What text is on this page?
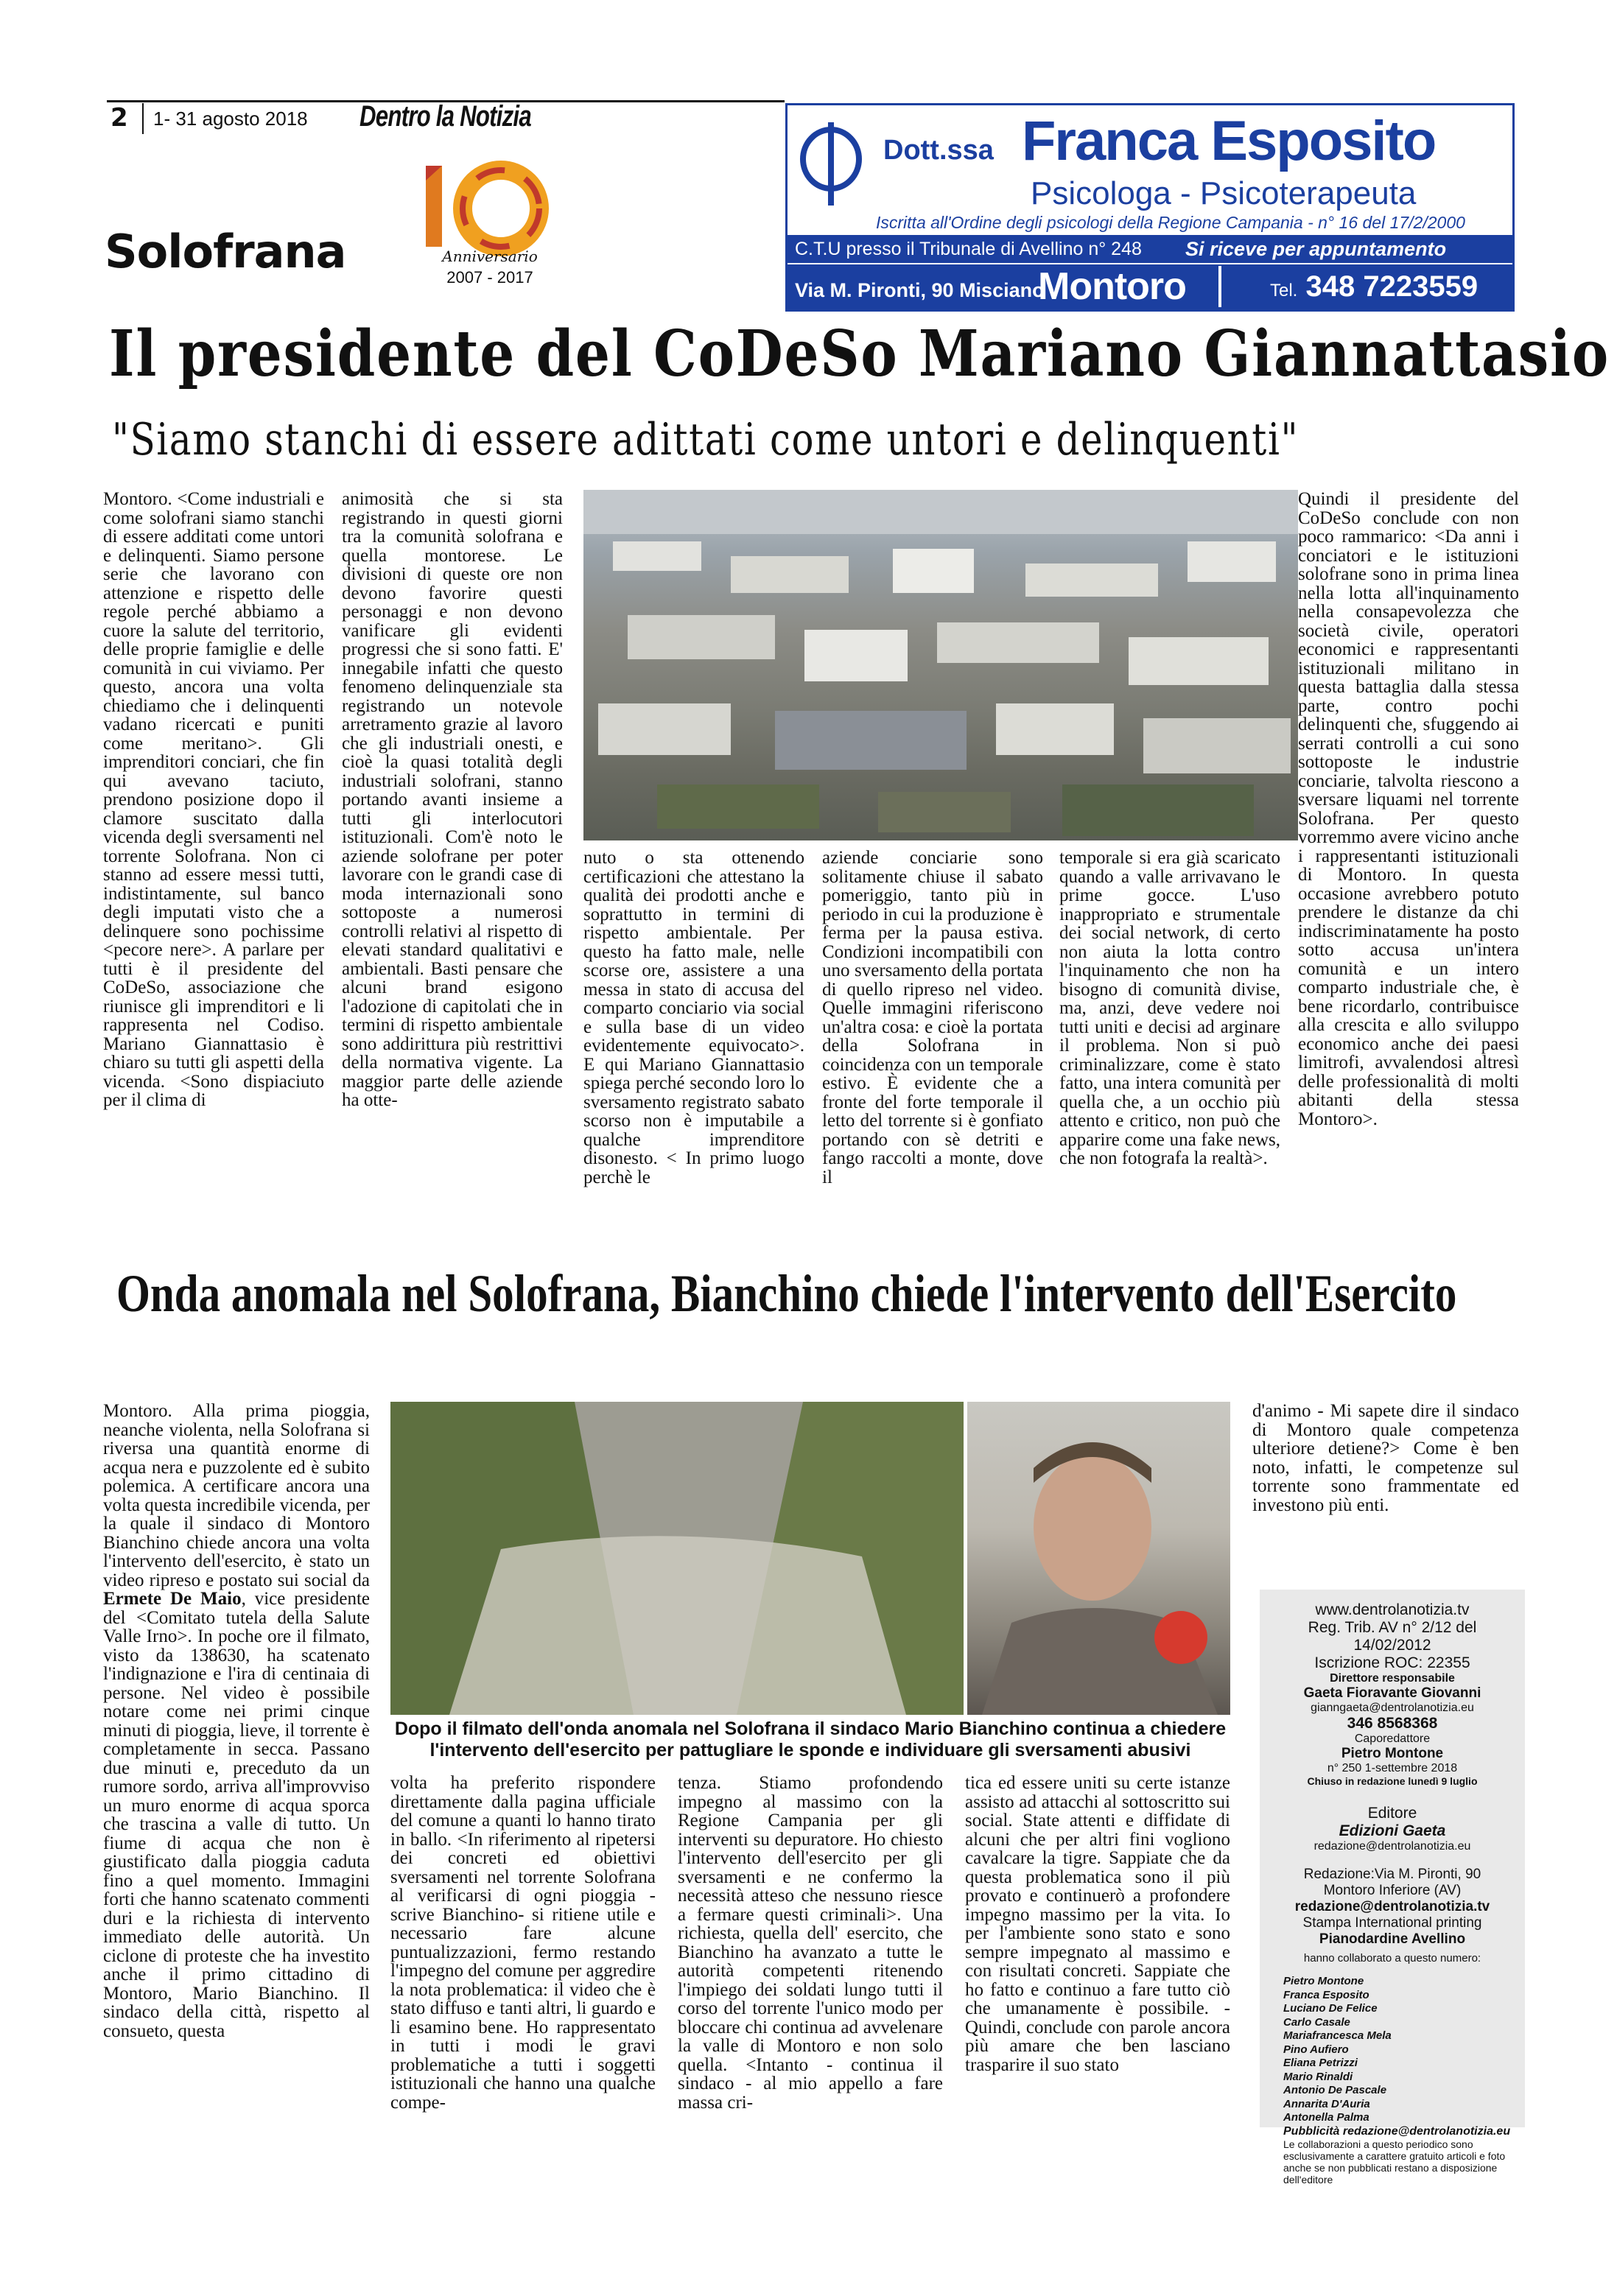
2 1- 31 agosto 2018 Dentro la Notizia
Solofrana	Anniversario
2007 - 2017
Dott.ssa Franca Esposito
Psicologa - Psicoterapeuta
Iscritta all'Ordine degli psicologi della Regione Campania - n° 16 del 17/2/2000
C.T.U presso il Tribunale di Avellino n° 248 Si riceve per appuntamento
Via M. Pironti, 90 Misciano
Montoro	Tel. 348 7223559
Il presidente del CoDeSo Mariano Giannattasio
"Siamo stanchi di essere adittati come untori e delinquenti"

Montoro. <Come industriali e come solofrani siamo stanchi di essere additati come untori e delinquenti. Siamo persone serie che lavorano con attenzione e rispetto delle regole perché abbiamo a cuore la salute del territorio, delle proprie famiglie e delle comunità in cui viviamo. Per questo, ancora una volta chiediamo che i delinquenti vadano ricercati e puniti come meritano>. Gli imprenditori conciari, che fin qui avevano taciuto, prendono posizione dopo il clamore suscitato dalla vicenda degli sversamenti nel torrente Solofrana. Non ci stanno ad essere messi tutti, indistintamente, sul banco degli imputati visto che a delinquere sono pochissime <pecore nere>. A parlare per tutti è il presidente del CoDeSo, associazione che riunisce gli imprenditori e li rappresenta nel Codiso. Mariano Giannattasio è chiaro su tutti gli aspetti della vicenda. <Sono dispiaciuto per il clima di

animosità che si sta registrando in questi giorni tra la comunità solofrana e quella montorese. Le divisioni di queste ore non devono favorire questi personaggi e non devono vanificare gli evidenti progressi che si sono fatti. E' innegabile infatti che questo fenomeno delinquenziale sta registrando un notevole arretramento grazie al lavoro che gli industriali onesti, e cioè la quasi totalità degli industriali solofrani, stanno portando avanti insieme a tutti gli interlocutori istituzionali. Com'è noto le aziende solofrane per poter lavorare con le grandi case di moda internazionali sono sottoposte a numerosi controlli relativi al rispetto di elevati standard qualitativi e ambientali. Basti pensare che alcuni brand esigono l'adozione di capitolati che in termini di rispetto ambientale sono addirittura più restrittivi della normativa vigente. La maggior parte delle aziende ha otte-

nuto o sta ottenendo certificazioni che attestano la qualità dei prodotti anche e soprattutto in termini di rispetto ambientale. Per questo ha fatto male, nelle scorse ore, assistere a una messa in stato di accusa del comparto conciario via social e sulla base di un video evidentemente equivocato>. E qui Mariano Giannattasio spiega perché secondo loro lo sversamento registrato sabato scorso non è imputabile a qualche imprenditore disonesto. < In primo luogo perchè le

aziende conciarie sono solitamente chiuse il sabato pomeriggio, tanto più in periodo in cui la produzione è ferma per la pausa estiva. Condizioni incompatibili con uno sversamento della portata di quello ripreso nel video. Quelle immagini riferiscono un'altra cosa: e cioè la portata della Solofrana in coincidenza con un temporale estivo. È evidente che a fronte del forte temporale il letto del torrente si è gonfiato portando con sè detriti e fango raccolti a monte, dove il

temporale si era già scaricato quando a valle arrivavano le prime gocce. L'uso inappropriato e strumentale dei social network, di certo non aiuta la lotta contro l'inquinamento che non ha bisogno di comunità divise, ma, anzi, deve vedere noi tutti uniti e decisi ad arginare il problema. Non si può criminalizzare, come è stato fatto, una intera comunità per quella che, a un occhio più attento e critico, non può che apparire come una fake news, che non fotografa la realtà>.

Quindi il presidente del CoDeSo conclude con non poco rammarico: <Da anni i conciatori e le istituzioni solofrane sono in prima linea nella lotta all'inquinamento nella consapevolezza che società civile, operatori economici e rappresentanti istituzionali militano in questa battaglia dalla stessa parte, contro pochi delinquenti che, sfuggendo ai serrati controlli a cui sono sottoposte le industrie conciarie, talvolta riescono a sversare liquami nel torrente Solofrana. Per questo vorremmo avere vicino anche i rappresentanti istituzionali di Montoro. In questa occasione avrebbero potuto prendere le distanze da chi indiscriminatamente ha posto sotto accusa un'intera comunità e un intero comparto industriale che, è bene ricordarlo, contribuisce alla crescita e allo sviluppo economico anche dei paesi limitrofi, avvalendosi altresì delle professionalità di molti abitanti della stessa Montoro>.

Onda anomala nel Solofrana, Bianchino chiede l'intervento dell'Esercito

Montoro. Alla prima pioggia, neanche violenta, nella Solofrana si riversa una quantità enorme di acqua nera e puzzolente ed è subito polemica. A certificare ancora una volta questa incredibile vicenda, per la quale il sindaco di Montoro Bianchino chiede ancora una volta l'intervento dell'esercito, è stato un video ripreso e postato sui social da Ermete De Maio, vice presidente del <Comitato tutela della Salute Valle Irno>. In poche ore il filmato, visto da 138630, ha scatenato l'indignazione e l'ira di centinaia di persone. Nel video è possibile notare come nei primi cinque minuti di pioggia, lieve, il torrente è completamente in secca. Passano due minuti e, preceduto da un rumore sordo, arriva all'improvviso un muro enorme di acqua sporca che trascina a valle di tutto. Un fiume di acqua che non è giustificato dalla pioggia caduta fino a quel momento. Immagini forti che hanno scatenato commenti duri e la richiesta di intervento immediato delle autorità. Un ciclone di proteste che ha investito anche il primo cittadino di Montoro, Mario Bianchino. Il sindaco della città, rispetto al consueto, questa

Dopo il filmato dell'onda anomala nel Solofrana il sindaco Mario Bianchino continua a chiedere l'intervento dell'esercito per pattugliare le sponde e individuare gli sversamenti abusivi

volta ha preferito rispondere direttamente dalla pagina ufficiale del comune a quanti lo hanno tirato in ballo. <In riferimento al ripetersi dei concreti ed obiettivi sversamenti nel torrente Solofrana al verificarsi di ogni pioggia - scrive Bianchino- si ritiene utile e necessario fare alcune puntualizzazioni, fermo restando l'impegno del comune per aggredire la nota problematica: il video che è stato diffuso e tanti altri, li guardo e li esamino bene. Ho rappresentato in tutti i modi le gravi problematiche a tutti i soggetti istituzionali che hanno una qualche compe-

tenza. Stiamo profondendo impegno al massimo con la Regione Campania per gli interventi su depuratore. Ho chiesto l'intervento dell'esercito per gli sversamenti e ne confermo la necessità atteso che nessuno riesce a fermare questi criminali>. Una richiesta, quella dell' esercito, che Bianchino ha avanzato a tutte le autorità competenti ritenendo l'impiego dei soldati lungo tutti il corso del torrente l'unico modo per bloccare chi continua ad avvelenare la valle di Montoro e non solo quella. <Intanto - continua il sindaco - al mio appello a fare massa cri-

tica ed essere uniti su certe istanze assisto ad attacchi al sottoscritto sui social. State attenti e diffidate di alcuni che per altri fini vogliono cavalcare la tigre. Sappiate che da questa problematica sono il più provato e continuerò a profondere impegno massimo per la vita. Io per l'ambiente sono stato e sono sempre impegnato al massimo e con risultati concreti. Sappiate che ho fatto e continuo a fare tutto ciò che umanamente è possibile. - Quindi, conclude con parole ancora più amare che ben lasciano trasparire il suo stato

d'animo - Mi sapete dire il sindaco di Montoro quale competenza ulteriore detiene?> Come è ben noto, infatti, le competenze sul torrente sono frammentate ed investono più enti.

www.dentrolanotizia.tv
Reg. Trib. AV n° 2/12 del 14/02/2012
Iscrizione ROC: 22355
Direttore responsabile
Gaeta Fioravante Giovanni
gianngaeta@dentrolanotizia.eu
346 8568368
Caporedattore
Pietro Montone
n° 250 1-settembre 2018
Chiuso in redazione lunedì 9 luglio
Editore
Edizioni Gaeta
redazione@dentrolanotizia.eu
Redazione:Via M. Pironti, 90
Montoro Inferiore (AV)
redazione@dentrolanotizia.tv
Stampa International printing
Pianodardine Avellino
hanno collaborato a questo numero:
Pietro Montone
Franca Esposito
Luciano De Felice
Carlo Casale
Mariafrancesca Mela
Pino Aufiero
Eliana Petrizzi
Mario Rinaldi
Antonio De Pascale
Annarita D'Auria
Antonella Palma
Pubblicità redazione@dentrolanotizia.eu
Le collaborazioni a questo periodico sono esclusivamente a carattere gratuito articoli e foto anche se non pubblicati restano a disposizione dell'editore
